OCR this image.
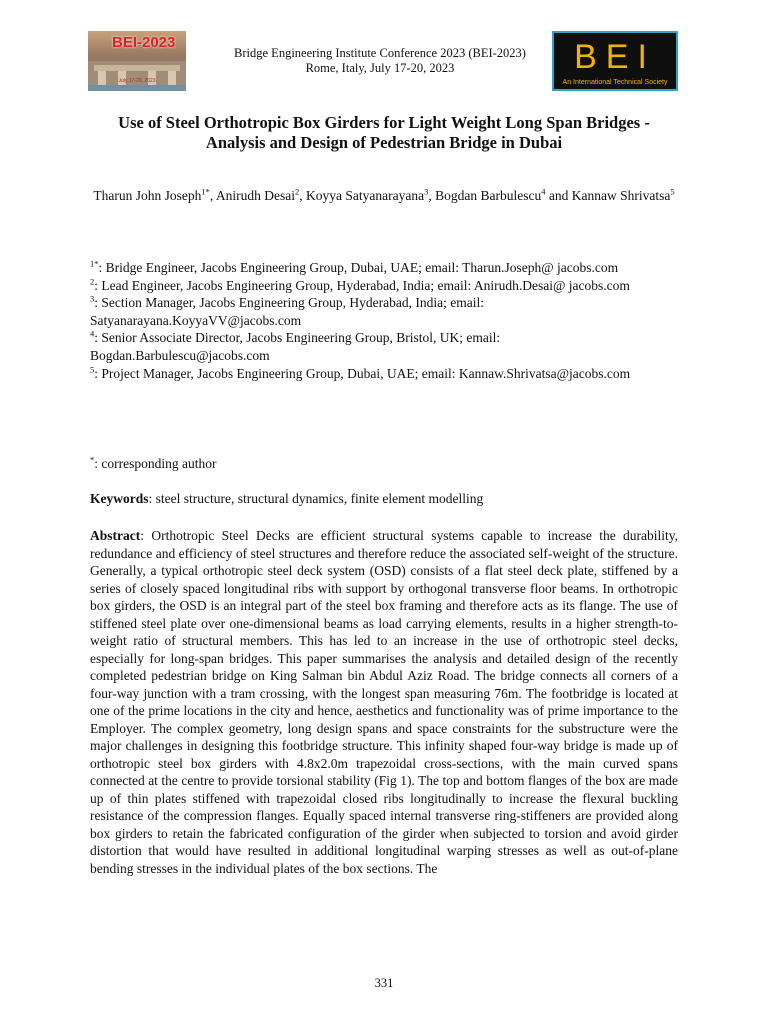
July 17-20, 2023
BEI-2023
Bridge Engineering Institute Conference 2023 (BEI-2023)
Rome, Italy, July 17-20, 2023	BEI
An International Technical Society
Use of Steel Orthotropic Box Girders for Light Weight Long Span Bridges - Analysis and Design of Pedestrian Bridge in Dubai
Tharun John Joseph$^{1*}$, Anirudh Desai$^2$, Koyya Satyanarayana$^3$, Bogdan Barbulescu$^4$ and Kannaw Shrivatsa$^5$

$^{1*}$: Bridge Engineer, Jacobs Engineering Group, Dubai, UAE; email: Tharun.Joseph@ jacobs.com

$^2$: Lead Engineer, Jacobs Engineering Group, Hyderabad, India; email: Anirudh.Desai@ jacobs.com

$^3$: Section Manager, Jacobs Engineering Group, Hyderabad, India; email: Satyanarayana.KoyyaVV@jacobs.com

$^4$: Senior Associate Director, Jacobs Engineering Group, Bristol, UK; email: Bogdan.Barbulescu@jacobs.com

$^5$: Project Manager, Jacobs Engineering Group, Dubai, UAE; email: Kannaw.Shrivatsa@jacobs.com

*: corresponding author
Keywords: steel structure, structural dynamics, finite element modelling

Abstract: Orthotropic Steel Decks are efficient structural systems capable to increase the durability, redundance and efficiency of steel structures and therefore reduce the associated self-weight of the structure. Generally, a typical orthotropic steel deck system (OSD) consists of a flat steel deck plate, stiffened by a series of closely spaced longitudinal ribs with support by orthogonal transverse floor beams. In orthotropic box girders, the OSD is an integral part of the steel box framing and therefore acts as its flange. The use of stiffened steel plate over one-dimensional beams as load carrying elements, results in a higher strength-to-weight ratio of structural members. This has led to an increase in the use of orthotropic steel decks, especially for long-span bridges. This paper summarises the analysis and detailed design of the recently completed pedestrian bridge on King Salman bin Abdul Aziz Road. The bridge connects all corners of a four-way junction with a tram crossing, with the longest span measuring 76m. The footbridge is located at one of the prime locations in the city and hence, aesthetics and functionality was of prime importance to the Employer. The complex geometry, long design spans and space constraints for the substructure were the major challenges in designing this footbridge structure. This infinity shaped four-way bridge is made up of orthotropic steel box girders with 4.8x2.0m trapezoidal cross-sections, with the main curved spans connected at the centre to provide torsional stability (Fig 1). The top and bottom flanges of the box are made up of thin plates stiffened with trapezoidal closed ribs longitudinally to increase the flexural buckling resistance of the compression flanges. Equally spaced internal transverse ring-stiffeners are provided along box girders to retain the fabricated configuration of the girder when subjected to torsion and avoid girder distortion that would have resulted in additional longitudinal warping stresses as well as out-of-plane bending stresses in the individual plates of the box sections. The

331
